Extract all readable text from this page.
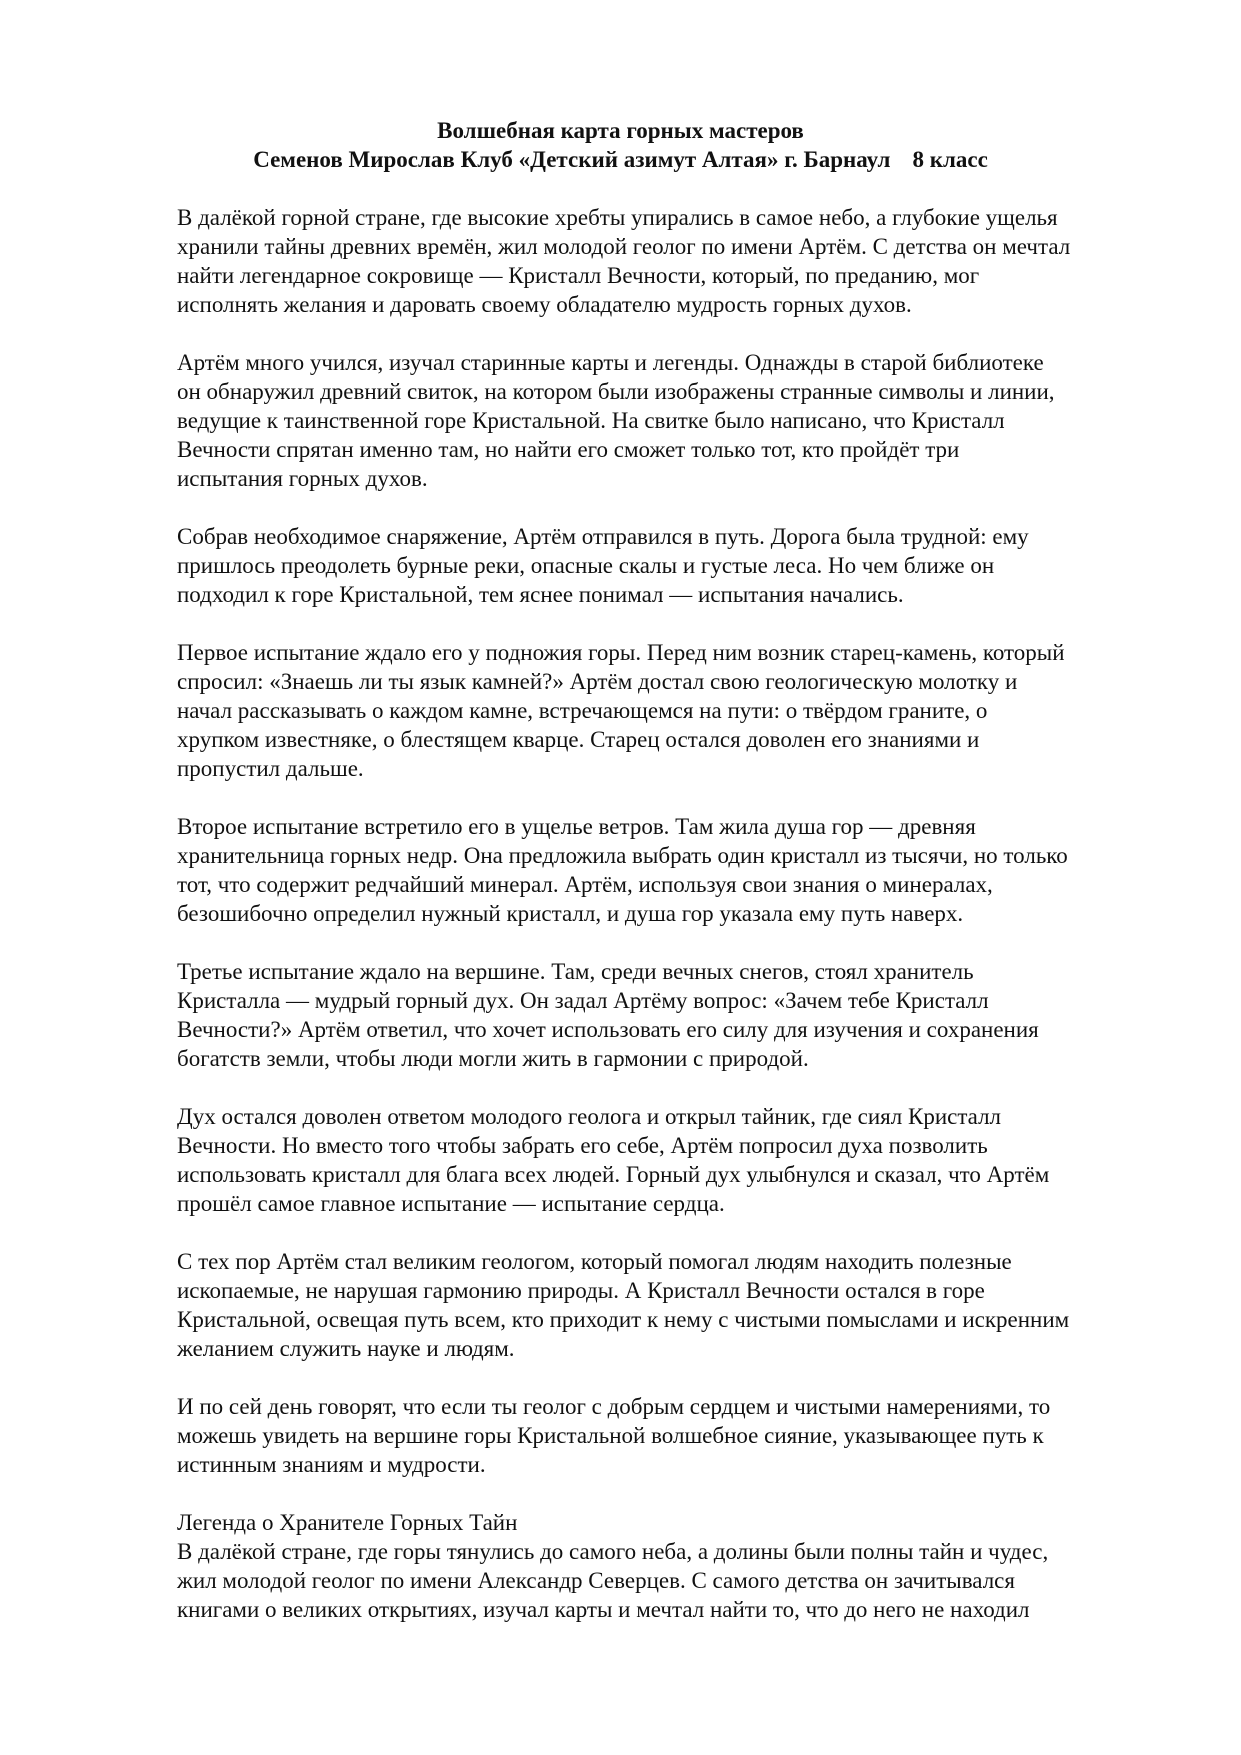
Волшебная карта горных мастеров
Семенов Мирослав Клуб «Детский азимут Алтая» г. Барнаул 8 класс

В далёкой горной стране, где высокие хребты упирались в самое небо, а глубокие ущелья
хранили тайны древних времён, жил молодой геолог по имени Артём. С детства он мечтал
найти легендарное сокровище — Кристалл Вечности, который, по преданию, мог
исполнять желания и даровать своему обладателю мудрость горных духов.

Артём много учился, изучал старинные карты и легенды. Однажды в старой библиотеке
он обнаружил древний свиток, на котором были изображены странные символы и линии,
ведущие к таинственной горе Кристальной. На свитке было написано, что Кристалл
Вечности спрятан именно там, но найти его сможет только тот, кто пройдёт три
испытания горных духов.

Собрав необходимое снаряжение, Артём отправился в путь. Дорога была трудной: ему
пришлось преодолеть бурные реки, опасные скалы и густые леса. Но чем ближе он
подходил к горе Кристальной, тем яснее понимал — испытания начались.

Первое испытание ждало его у подножия горы. Перед ним возник старец-камень, который
спросил: «Знаешь ли ты язык камней?» Артём достал свою геологическую молотку и
начал рассказывать о каждом камне, встречающемся на пути: о твёрдом граните, о
хрупком известняке, о блестящем кварце. Старец остался доволен его знаниями и
пропустил дальше.

Второе испытание встретило его в ущелье ветров. Там жила душа гор — древняя
хранительница горных недр. Она предложила выбрать один кристалл из тысячи, но только
тот, что содержит редчайший минерал. Артём, используя свои знания о минералах,
безошибочно определил нужный кристалл, и душа гор указала ему путь наверх.

Третье испытание ждало на вершине. Там, среди вечных снегов, стоял хранитель
Кристалла — мудрый горный дух. Он задал Артёму вопрос: «Зачем тебе Кристалл
Вечности?» Артём ответил, что хочет использовать его силу для изучения и сохранения
богатств земли, чтобы люди могли жить в гармонии с природой.

Дух остался доволен ответом молодого геолога и открыл тайник, где сиял Кристалл
Вечности. Но вместо того чтобы забрать его себе, Артём попросил духа позволить
использовать кристалл для блага всех людей. Горный дух улыбнулся и сказал, что Артём
прошёл самое главное испытание — испытание сердца.

С тех пор Артём стал великим геологом, который помогал людям находить полезные
ископаемые, не нарушая гармонию природы. А Кристалл Вечности остался в горе
Кристальной, освещая путь всем, кто приходит к нему с чистыми помыслами и искренним
желанием служить науке и людям.

И по сей день говорят, что если ты геолог с добрым сердцем и чистыми намерениями, то
можешь увидеть на вершине горы Кристальной волшебное сияние, указывающее путь к
истинным знаниям и мудрости.

Легенда о Хранителе Горных Тайн
В далёкой стране, где горы тянулись до самого неба, а долины были полны тайн и чудес,
жил молодой геолог по имени Александр Северцев. С самого детства он зачитывался
книгами о великих открытиях, изучал карты и мечтал найти то, что до него не находил
